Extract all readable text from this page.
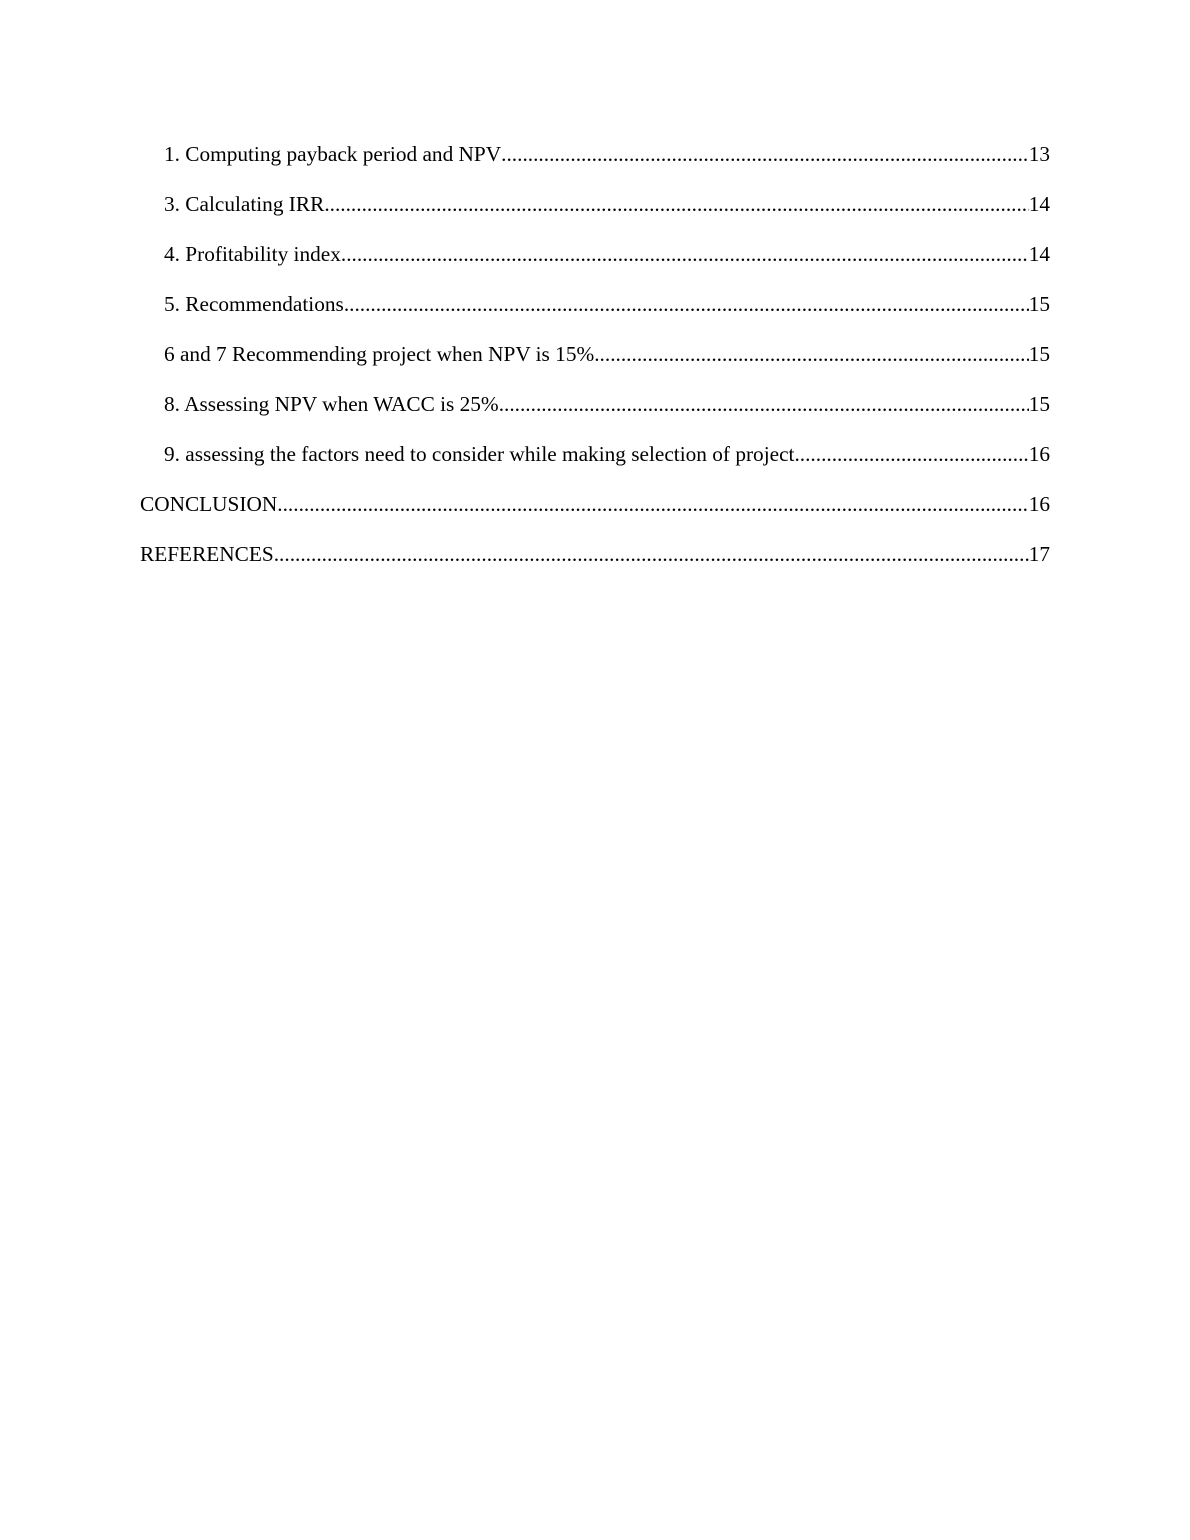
1. Computing payback period and NPV .....	13
3. Calculating IRR .....	14
4. Profitability index .....	14
5. Recommendations .....	15
6 and 7 Recommending project when NPV is 15% .....	15
8. Assessing NPV when WACC is 25% .....	15
9. assessing the factors need to consider while making selection of project .....	16
CONCLUSION .....	16
REFERENCES .....	17
